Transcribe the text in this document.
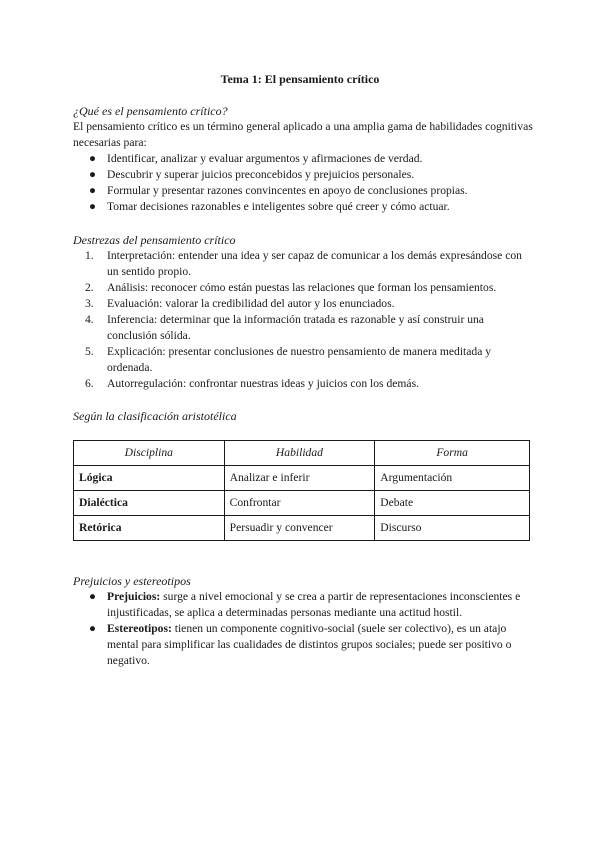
Tema 1: El pensamiento crítico

¿Qué es el pensamiento crítico?

El pensamiento crítico es un término general aplicado a una amplia gama de habilidades cognitivas necesarias para:

● Identificar, analizar y evaluar argumentos y afirmaciones de verdad.
● Descubrir y superar juicios preconcebidos y prejuicios personales.
● Formular y presentar razones convincentes en apoyo de conclusiones propias.
● Tomar decisiones razonables e inteligentes sobre qué creer y cómo actuar.

Destrezas del pensamiento crítico

1. Interpretación: entender una idea y ser capaz de comunicar a los demás expresándose con un sentido propio.
2. Análisis: reconocer cómo están puestas las relaciones que forman los pensamientos.
3. Evaluación: valorar la credibilidad del autor y los enunciados.
4. Inferencia: determinar que la información tratada es razonable y así construir una conclusión sólida.
5. Explicación: presentar conclusiones de nuestro pensamiento de manera meditada y ordenada.
6. Autorregulación: confrontar nuestras ideas y juicios con los demás.

Según la clasificación aristotélica

Disciplina	Habilidad	Forma
Lógica	Analizar e inferir	Argumentación
Dialéctica	Confrontar	Debate
Retórica	Persuadir y convencer	Discurso

Prejuicios y estereotipos

● Prejuicios: surge a nivel emocional y se crea a partir de representaciones inconscientes e injustificadas, se aplica a determinadas personas mediante una actitud hostil.
● Estereotipos: tienen un componente cognitivo-social (suele ser colectivo), es un atajo mental para simplificar las cualidades de distintos grupos sociales; puede ser positivo o negativo.
